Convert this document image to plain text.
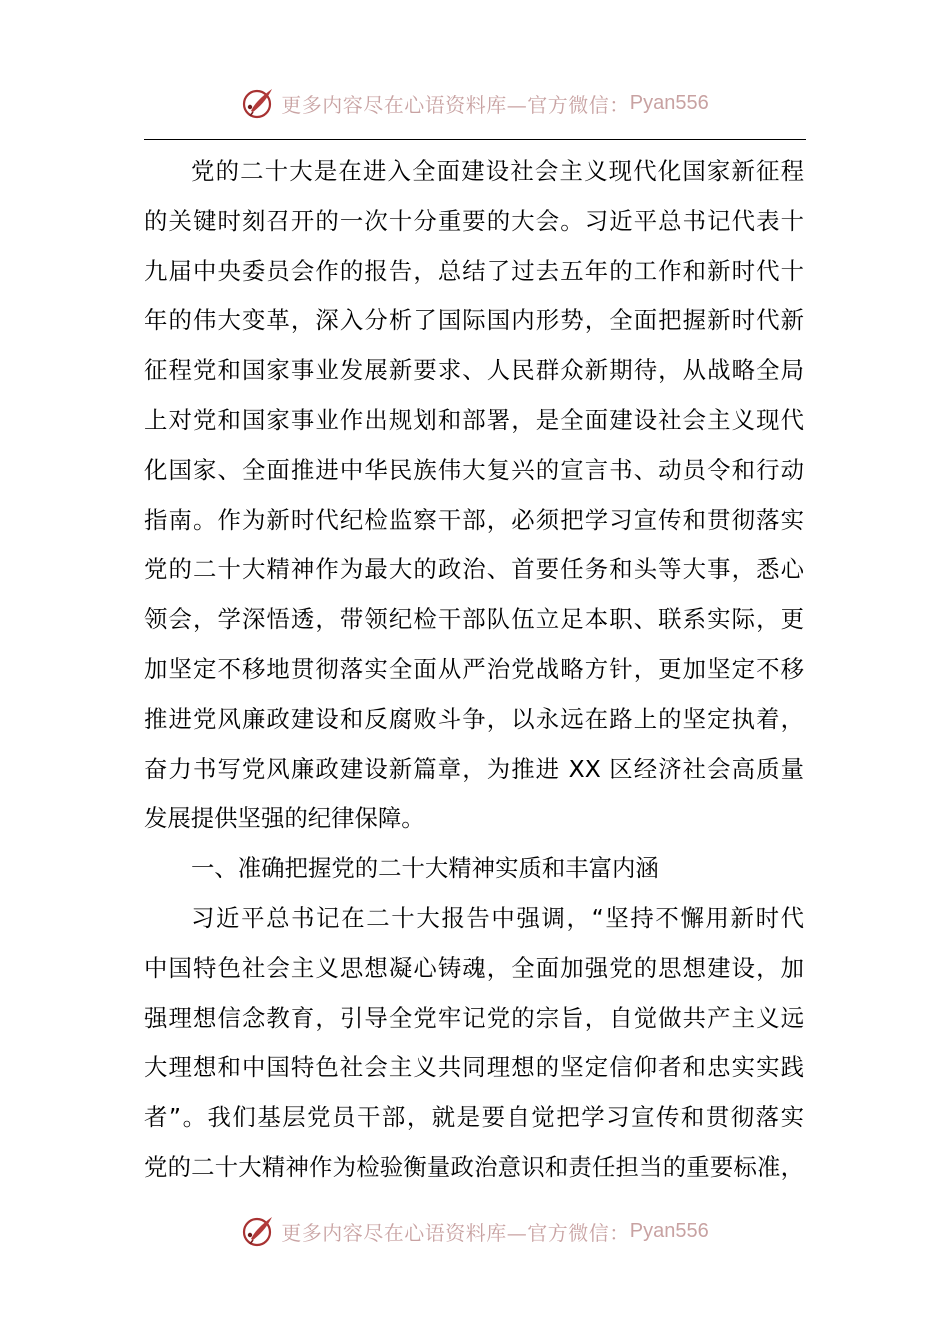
更多内容尽在心语资料库—官方微信： Pyan556
党的二十大是在进入全面建设社会主义现代化国家新征程
的关键时刻召开的一次十分重要的大会。习近平总书记代表十
九届中央委员会作的报告，总结了过去五年的工作和新时代十
年的伟大变革，深入分析了国际国内形势，全面把握新时代新
征程党和国家事业发展新要求、人民群众新期待，从战略全局
上对党和国家事业作出规划和部署，是全面建设社会主义现代
化国家、全面推进中华民族伟大复兴的宣言书、动员令和行动
指南。作为新时代纪检监察干部，必须把学习宣传和贯彻落实
党的二十大精神作为最大的政治、首要任务和头等大事，悉心
领会，学深悟透，带领纪检干部队伍立足本职、联系实际，更
加坚定不移地贯彻落实全面从严治党战略方针，更加坚定不移
推进党风廉政建设和反腐败斗争，以永远在路上的坚定执着，
奋力书写党风廉政建设新篇章，为推进 XX 区经济社会高质量
发展提供坚强的纪律保障。
一、准确把握党的二十大精神实质和丰富内涵
习近平总书记在二十大报告中强调，“坚持不懈用新时代
中国特色社会主义思想凝心铸魂，全面加强党的思想建设，加
强理想信念教育，引导全党牢记党的宗旨，自觉做共产主义远
大理想和中国特色社会主义共同理想的坚定信仰者和忠实实践
者”。我们基层党员干部，就是要自觉把学习宣传和贯彻落实
党的二十大精神作为检验衡量政治意识和责任担当的重要标准，
更多内容尽在心语资料库—官方微信： Pyan556
